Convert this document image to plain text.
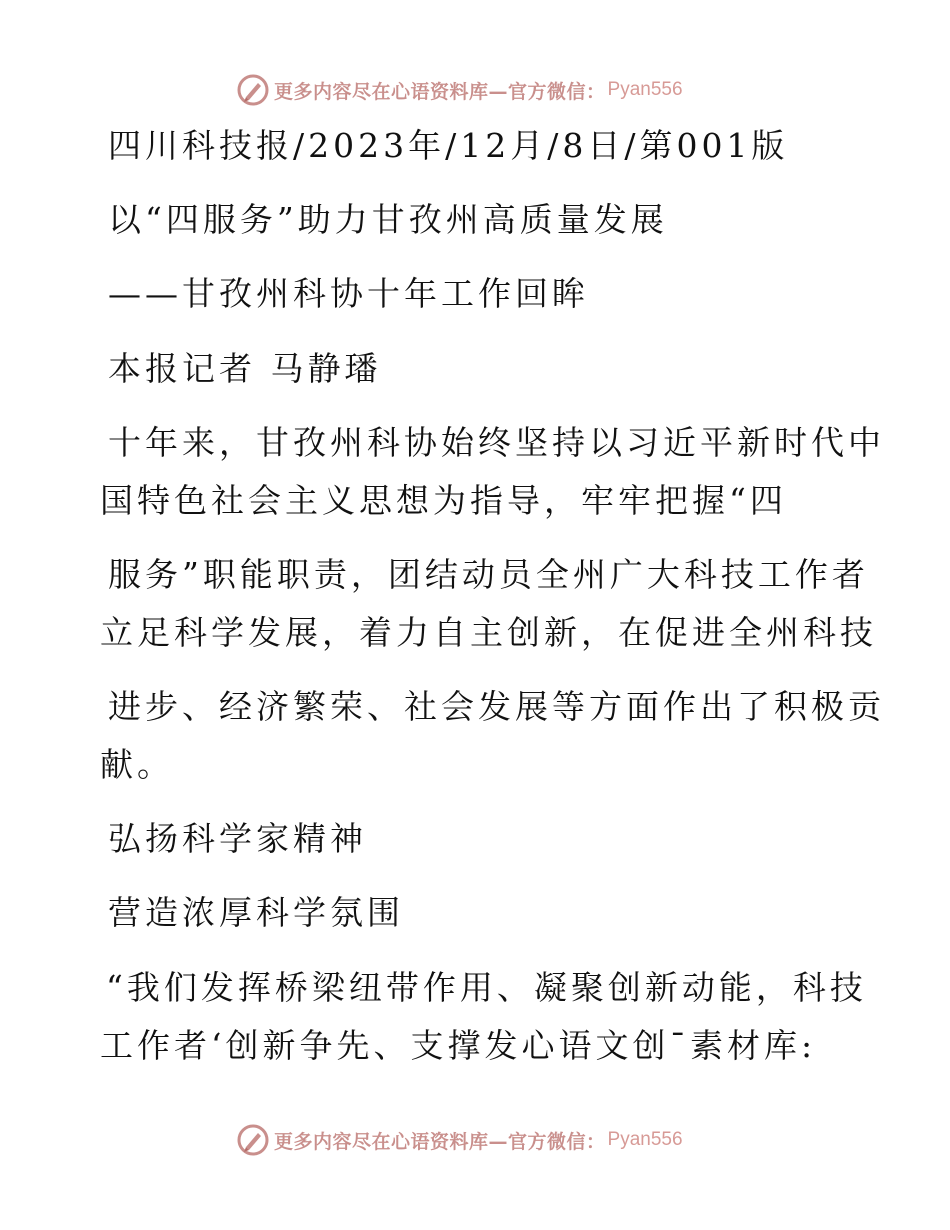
更多内容尽在心语资料库—官方微信： Pyan556

四川科技报/2023年/12月/8日/第001版

以“四服务”助力甘孜州高质量发展

——甘孜州科协十年工作回眸

本报记者 马静璠

十年来，甘孜州科协始终坚持以习近平新时代中

国特色社会主义思想为指导，牢牢把握“四

服务”职能职责，团结动员全州广大科技工作者

立足科学发展，着力自主创新，在促进全州科技

进步、经济繁荣、社会发展等方面作出了积极贡

献。

弘扬科学家精神

营造浓厚科学氛围

“我们发挥桥梁纽带作用、凝聚创新动能，科技

工作者‘创新争先、支撑发心语文创¯素材库:

更多内容尽在心语资料库—官方微信： Pyan556
